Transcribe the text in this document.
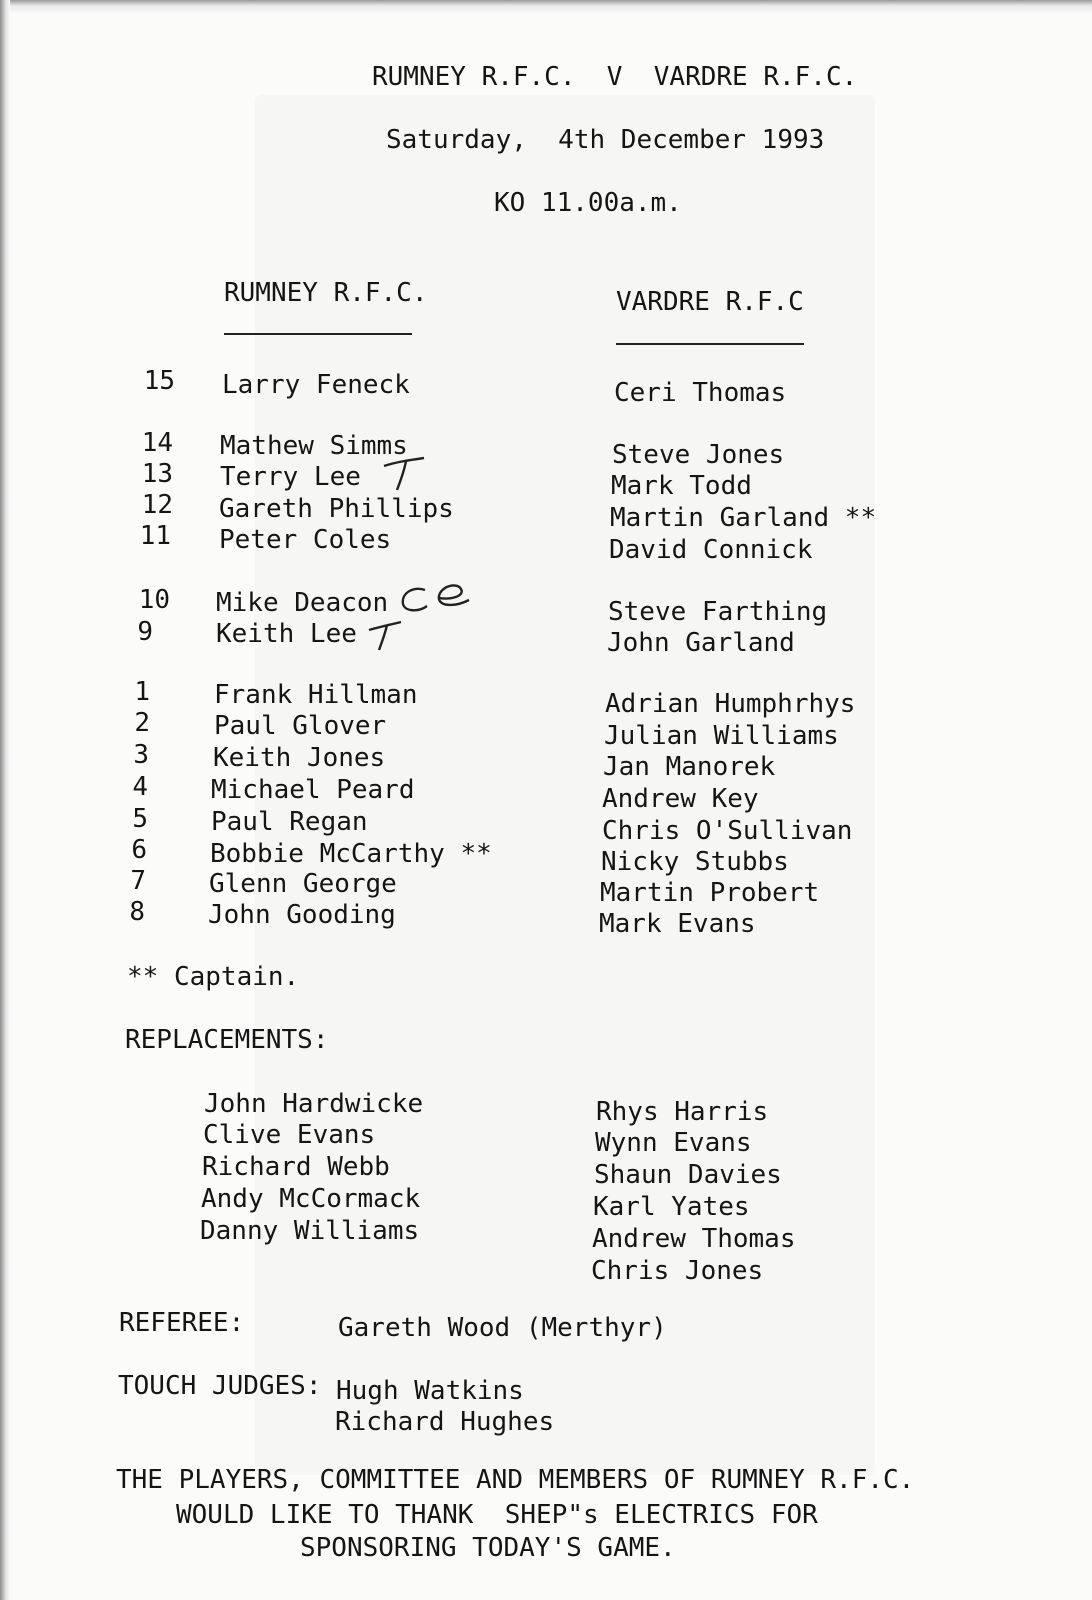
RUMNEY R.F.C.  V  VARDRE R.F.C.
Saturday,  4th December 1993
KO 11.00a.m.
RUMNEY R.F.C.	VARDRE R.F.C
15 Larry Feneck
14 Mathew Simms
13 Terry Lee
12 Gareth Phillips
11 Peter Coles
10 Mike Deacon
9 Keith Lee
1 Frank Hillman
2 Paul Glover
3 Keith Jones
4 Michael Peard
5 Paul Regan
6 Bobbie McCarthy **
7 Glenn George
8 John Gooding
Ceri Thomas
Steve Jones
Mark Todd
Martin Garland **
David Connick
Steve Farthing
John Garland
Adrian Humphrhys
Julian Williams
Jan Manorek
Andrew Key
Chris O'Sullivan
Nicky Stubbs
Martin Probert
Mark Evans
** Captain.
REPLACEMENTS:
John Hardwicke
Clive Evans
Richard Webb
Andy McCormack
Danny Williams
Rhys Harris
Wynn Evans
Shaun Davies
Karl Yates
Andrew Thomas
Chris Jones
REFEREE:	Gareth Wood (Merthyr)
TOUCH JUDGES: Hugh Watkins
Richard Hughes
THE PLAYERS, COMMITTEE AND MEMBERS OF RUMNEY R.F.C.
WOULD LIKE TO THANK  SHEP"s ELECTRICS FOR
SPONSORING TODAY'S GAME.
